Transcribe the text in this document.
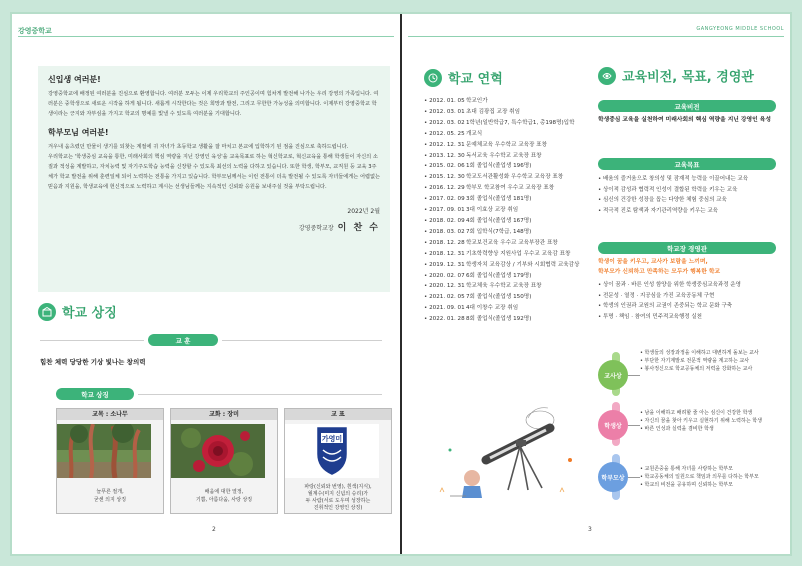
강영중학교
신입생 여러분!
강영중학교에 배정된 여러분을 진심으로 환영합니다. 여러분 모두는 이제 우리학교의 주인공이며 힘차게 발전해 나가는 우리 강영의 가족입니다. 여러분은 중학생으로 새로운 시작을 하게 됩니다. 새롭게 시작한다는 것은 희망과 발전, 그리고 무한한 가능성을 의미합니다. 이제부터 강영중학교 학생이라는 긍지와 자부심을 가지고 학교의 명예를 빛낼 수 있도록 여러분을 기대합니다.
학부모님 여러분!
겨우내 움츠렸던 만물이 생기를 되찾는 계절에 귀 자녀가 초등학교 생활을 잘 마치고 본교에 입학하기 된 점을 진심으로 축하드립니다.
우리학교는 '학생중심 교육을 통한, 미래사회의 핵심 역량을 지닌 강영인 육성'을 교육목표로 하는 혁신학교로, 혁신교육을 통해 학생들이 자신의 소질과 적성을 계발하고, 자치능력 및 자기주도학습 능력을 신장할 수 있도록 최선의 노력을 다하고 있습니다. 또한 학생, 학부모, 교직원 등 교육 3주체가 학교 발전을 위해 훈련일체 되어 노력하는 전통을 가지고 있습니다. 학부모님께서는 이런 전통이 더욱 발전될 수 있도록 자녀들에게는 어렵없는 믿음과 지원을, 학생교육에 헌신적으로 노력하고 계시는 선생님들께는 지속적인 신뢰와 응원을 보내주실 것을 부탁드립니다.
2022년 2월
강영중학교장 이 찬 수
학교 상징
교 훈
힘찬 체력 당당한 기상 빛나는 창의력
학교 상징
교목 : 소나무
늘푸른 절개,
굳센 의지 상징
교화 : 장미
배움에 대한 열정,
기쁨, 아름다움, 사랑 상징
교 표
가영미
파랑(신뢰와 번영), 흰색(지식),
월계수(미지 신념의 승리)가
두 사람(서로 도우며 성장하는
진취적인 강영인 상징)
2
GANGYEONG MIDDLE SCHOOL
학교 연혁
• 2012. 01. 05 학교인가
• 2012. 03. 01 초대 김광집 교장 취임
• 2012. 03. 02 1학년(일반학급7, 특수학급1, 총198명)입학
• 2012. 05. 25 개교식
• 2012. 12. 31 문예체교육 우수학교 교육장 표창
• 2013. 12. 30 독서교육 우수학교 교육장 표창
• 2015. 02. 06 1회 졸업식(졸업생 196명)
• 2015. 12. 30 학교도서관활성화 우수학교 교육장 표창
• 2016. 12. 29 학부모 학교참여 우수교 교육장 표창
• 2017. 02. 09 3회 졸업식(졸업생 181명)
• 2017. 09. 01 3대 이효상 교장 취임
• 2018. 02. 09 4회 졸업식(졸업생 167명)
• 2018. 03. 02 7회 입학식(7학급, 148명)
• 2018. 12. 28 학교보건교육 우수교 교육부장관 표창
• 2018. 12. 31 기초학력향상 지원사업 우수교 교육감 표창
• 2019. 12. 31 학생자치 교육감상 / 기부와 시회협력 교육감상
• 2020. 02. 07 6회 졸업식(졸업생 179명)
• 2020. 12. 31 학교체육 우수학교 교육장 표창
• 2021. 02. 05 7회 졸업식(졸업생 150명)
• 2021. 09. 01 4대 이창수 교장 취임
• 2022. 01. 28 8회 졸업식(졸업생 192명)
교육비전, 목표, 경영관
교육비전
학생중심 교육을 실천하여 미래사회의 핵심 역량을 지닌 강영인 육성
교육목표
• 배움의 즐거움으로 창의성 및 잠재적 능력을 이끌어내는 교육
• 상이적 감성과 협력적 인성이 결합된 학력을 키우는 교육
• 심신의 건강한 성장을 돕는 다양한 체험 중심의 교육
• 적극적 진로 탐색과 자기관리역량을 키우는 교육
학교장 경영관
학생이 꿈을 키우고, 교사가 보람을 느끼며,
학부모가 신뢰하고 만족하는 모두가 행복한 학교
• 상이 꿈과 · 바른 인성 함양을 위한 학생중심교육과정 운영
• 전문성 · 열정 · 지공심을 가진 교육공동체 구현
• 학생의 인권과 교원의 교권이 존중되는 학교 문화 구축
• 투명 · 책임 · 참여의 민주적교육행정 실천
교사상
• 학생들의 성장과정을 이해하고 대변하게 돌보는 교사
• 부단한 자기계발로 전문적 역량을 계고하는 교사
• 봉사정신으로 학교공동체의 저력을 강화하는 교사
학생상
• 남을 이해하고 배려할 줄 아는 심신이 건강한 학생
• 자신의 꿈을 찾아 키우고 실현하기 위해 노력하는 학생
• 바른 인성과 실력을 겸비한 학생
학부모상
• 교원존중을 통해 자녀를 사랑하는 학부모
• 학교공동체의 일원으로 책임과 의무를 다하는 학부모
• 학교의 비전을 공유하며 신뢰하는 학부모
3
